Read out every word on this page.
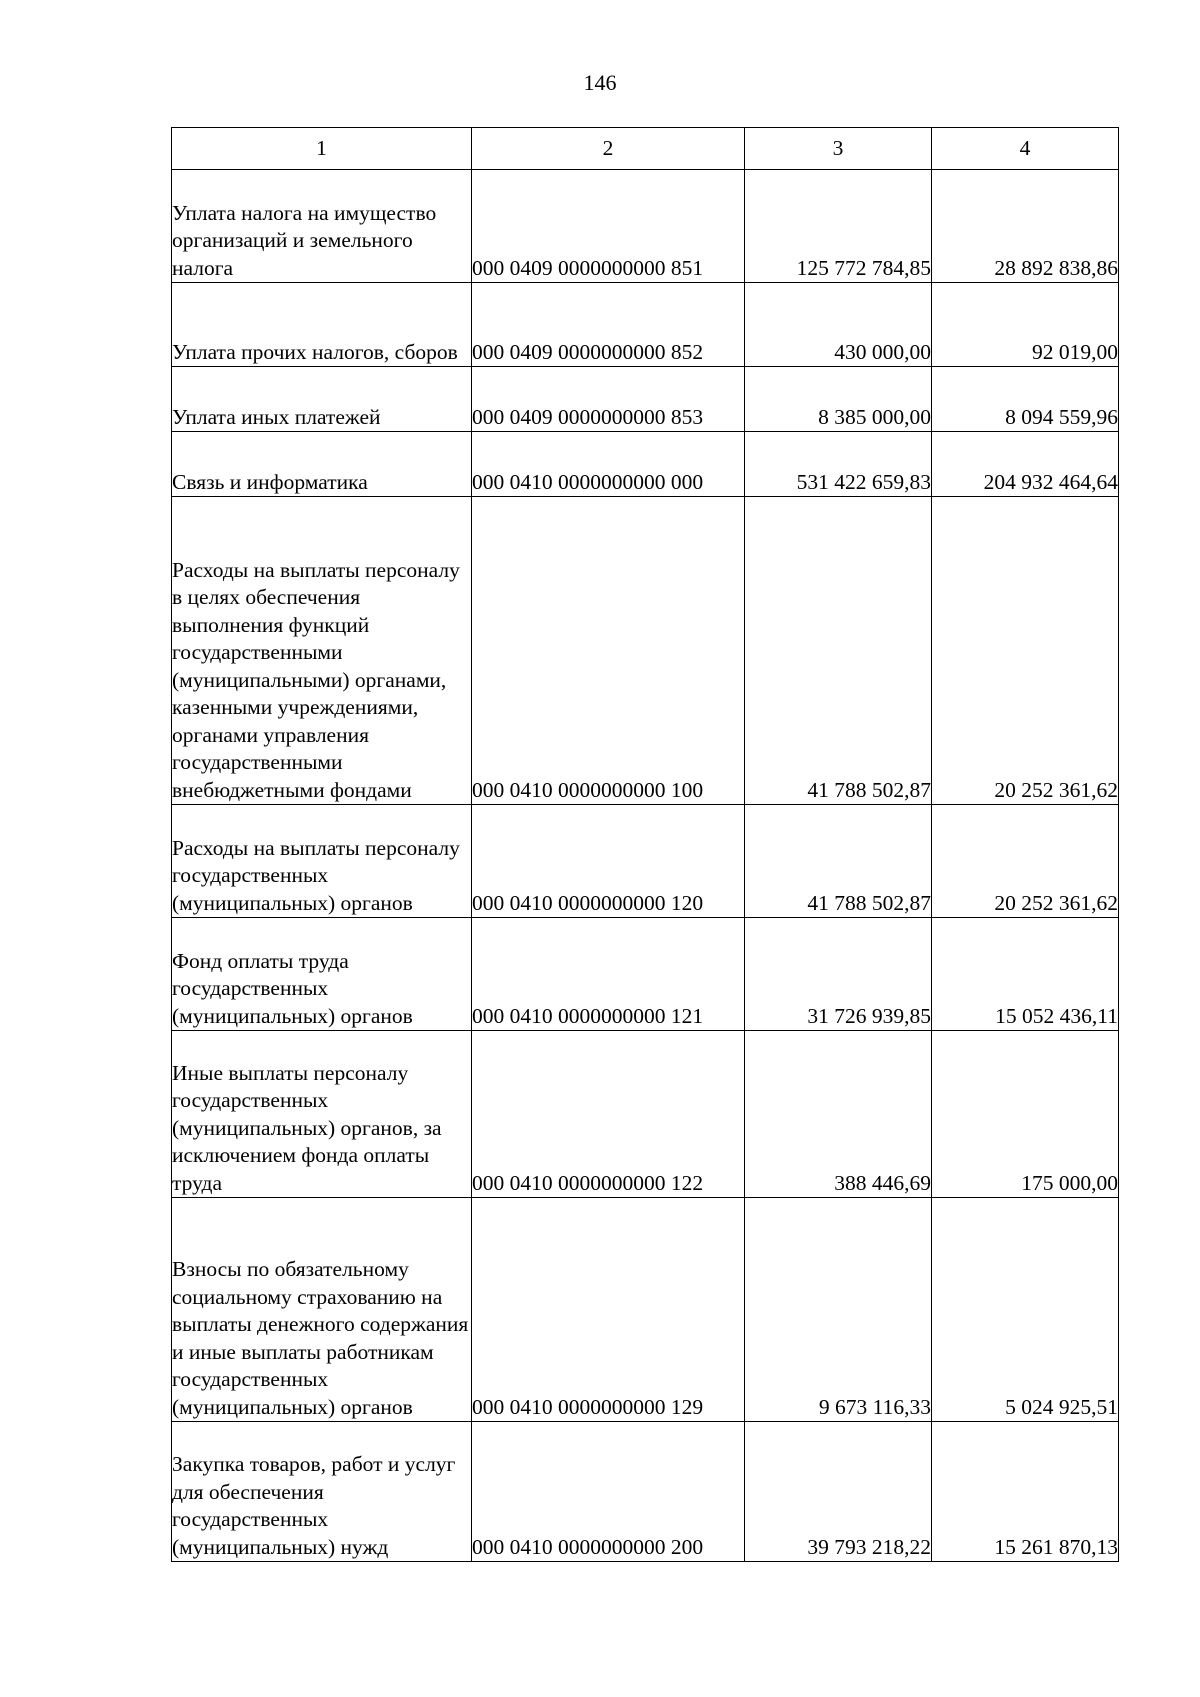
146
1	2	3	4
Уплата налога на имущество организаций и земельного налога	000 0409 0000000000 851	125 772 784,85	28 892 838,86
Уплата прочих налогов, сборов	000 0409 0000000000 852	430 000,00	92 019,00
Уплата иных платежей	000 0409 0000000000 853	8 385 000,00	8 094 559,96
Связь и информатика	000 0410 0000000000 000	531 422 659,83	204 932 464,64
Расходы на выплаты персоналу в целях обеспечения выполнения функций государственными (муниципальными) органами, казенными учреждениями, органами управления государственными внебюджетными фондами	000 0410 0000000000 100	41 788 502,87	20 252 361,62
Расходы на выплаты персоналу государственных (муниципальных) органов	000 0410 0000000000 120	41 788 502,87	20 252 361,62
Фонд оплаты труда государственных (муниципальных) органов	000 0410 0000000000 121	31 726 939,85	15 052 436,11
Иные выплаты персоналу государственных (муниципальных) органов, за исключением фонда оплаты труда	000 0410 0000000000 122	388 446,69	175 000,00
Взносы по обязательному социальному страхованию на выплаты денежного содержания и иные выплаты работникам государственных (муниципальных) органов	000 0410 0000000000 129	9 673 116,33	5 024 925,51
Закупка товаров, работ и услуг для обеспечения государственных (муниципальных) нужд	000 0410 0000000000 200	39 793 218,22	15 261 870,13
